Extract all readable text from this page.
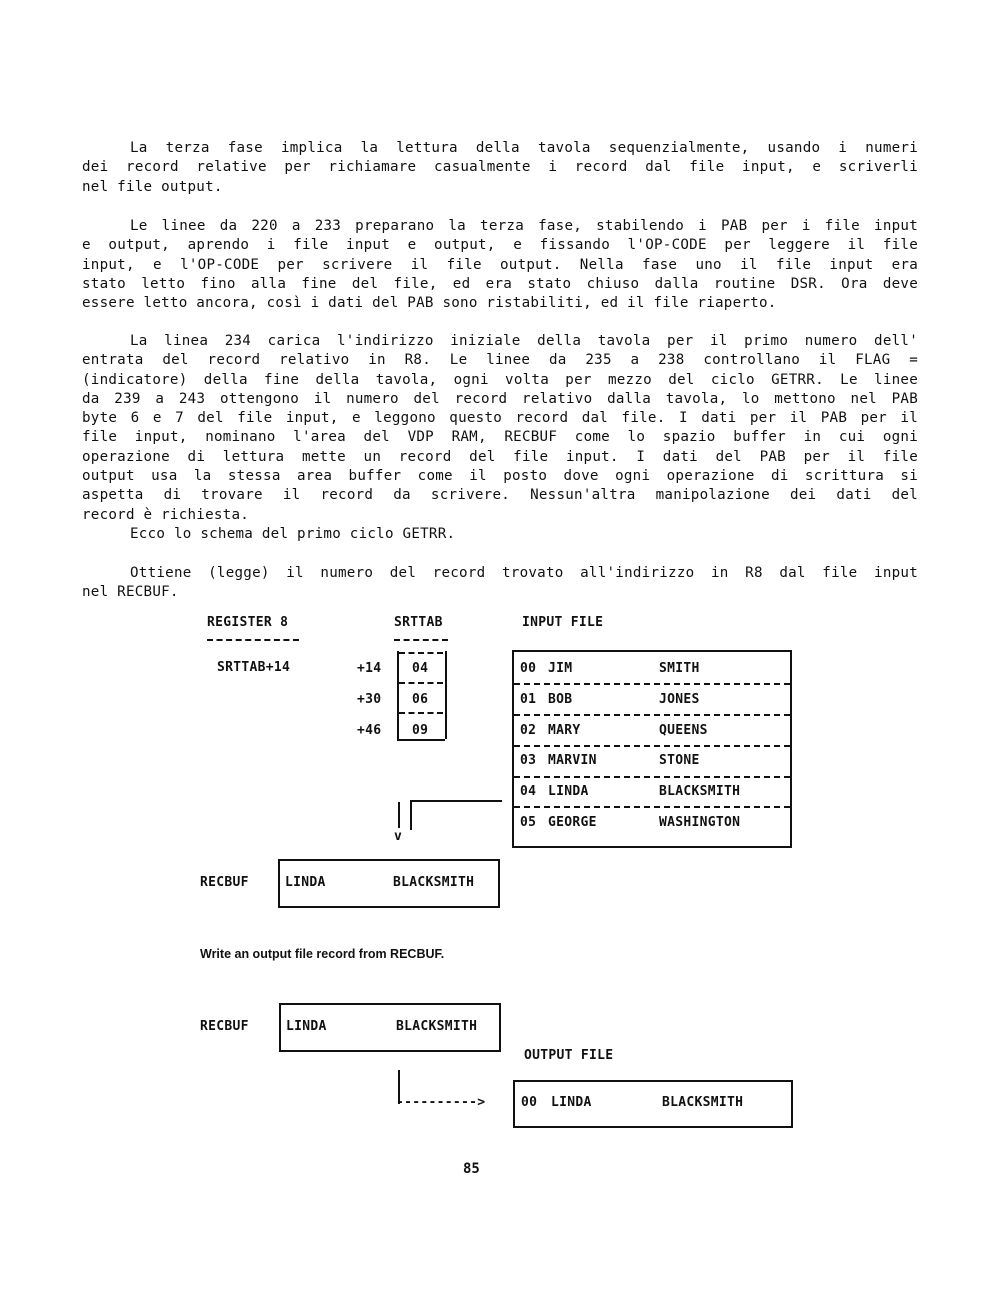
La terza fase implica la lettura della tavola sequenzialmente, usando i numeri
dei record relative per richiamare casualmente i record dal file input, e scriverli
nel file output.
Le linee da 220 a 233 preparano la terza fase, stabilendo i PAB per i file input
e output, aprendo i file input e output, e fissando l'OP-CODE per leggere il file
input, e l'OP-CODE per scrivere il file output. Nella fase uno il file input era
stato letto fino alla fine del file, ed era stato chiuso dalla routine DSR. Ora deve
essere letto ancora, così i dati del PAB sono ristabiliti, ed il file riaperto.
La linea 234 carica l'indirizzo iniziale della tavola per il primo numero dell'
entrata del record relativo in R8. Le linee da 235 a 238 controllano il FLAG =
(indicatore) della fine della tavola, ogni volta per mezzo del ciclo GETRR. Le linee
da 239 a 243 ottengono il numero del record relativo dalla tavola, lo mettono nel PAB
byte 6 e 7 del file input, e leggono questo record dal file. I dati per il PAB per il
file input, nominano l'area del VDP RAM, RECBUF come lo spazio buffer in cui ogni
operazione di lettura mette un record del file input. I dati del PAB per il file
output usa la stessa area buffer come il posto dove ogni operazione di scrittura si
aspetta di trovare il record da scrivere. Nessun'altra manipolazione dei dati del
record è richiesta.
Ecco lo schema del primo ciclo GETRR.
Ottiene (legge) il numero del record trovato all'indirizzo in R8 dal file input
nel RECBUF.
REGISTER 8	SRTTAB	INPUT FILE
SRTTAB+14	+14 04
+30 06
+46 09
00 JIM	SMITH
01 BOB	JONES
02 MARY	QUEENS
03 MARVIN	STONE
04 LINDA	BLACKSMITH
05 GEORGE	WASHINGTON
v
RECBUF	LINDA	BLACKSMITH
Write an output file record from RECBUF.
RECBUF	LINDA	BLACKSMITH
OUTPUT FILE
---------->	00 LINDA	BLACKSMITH
85
